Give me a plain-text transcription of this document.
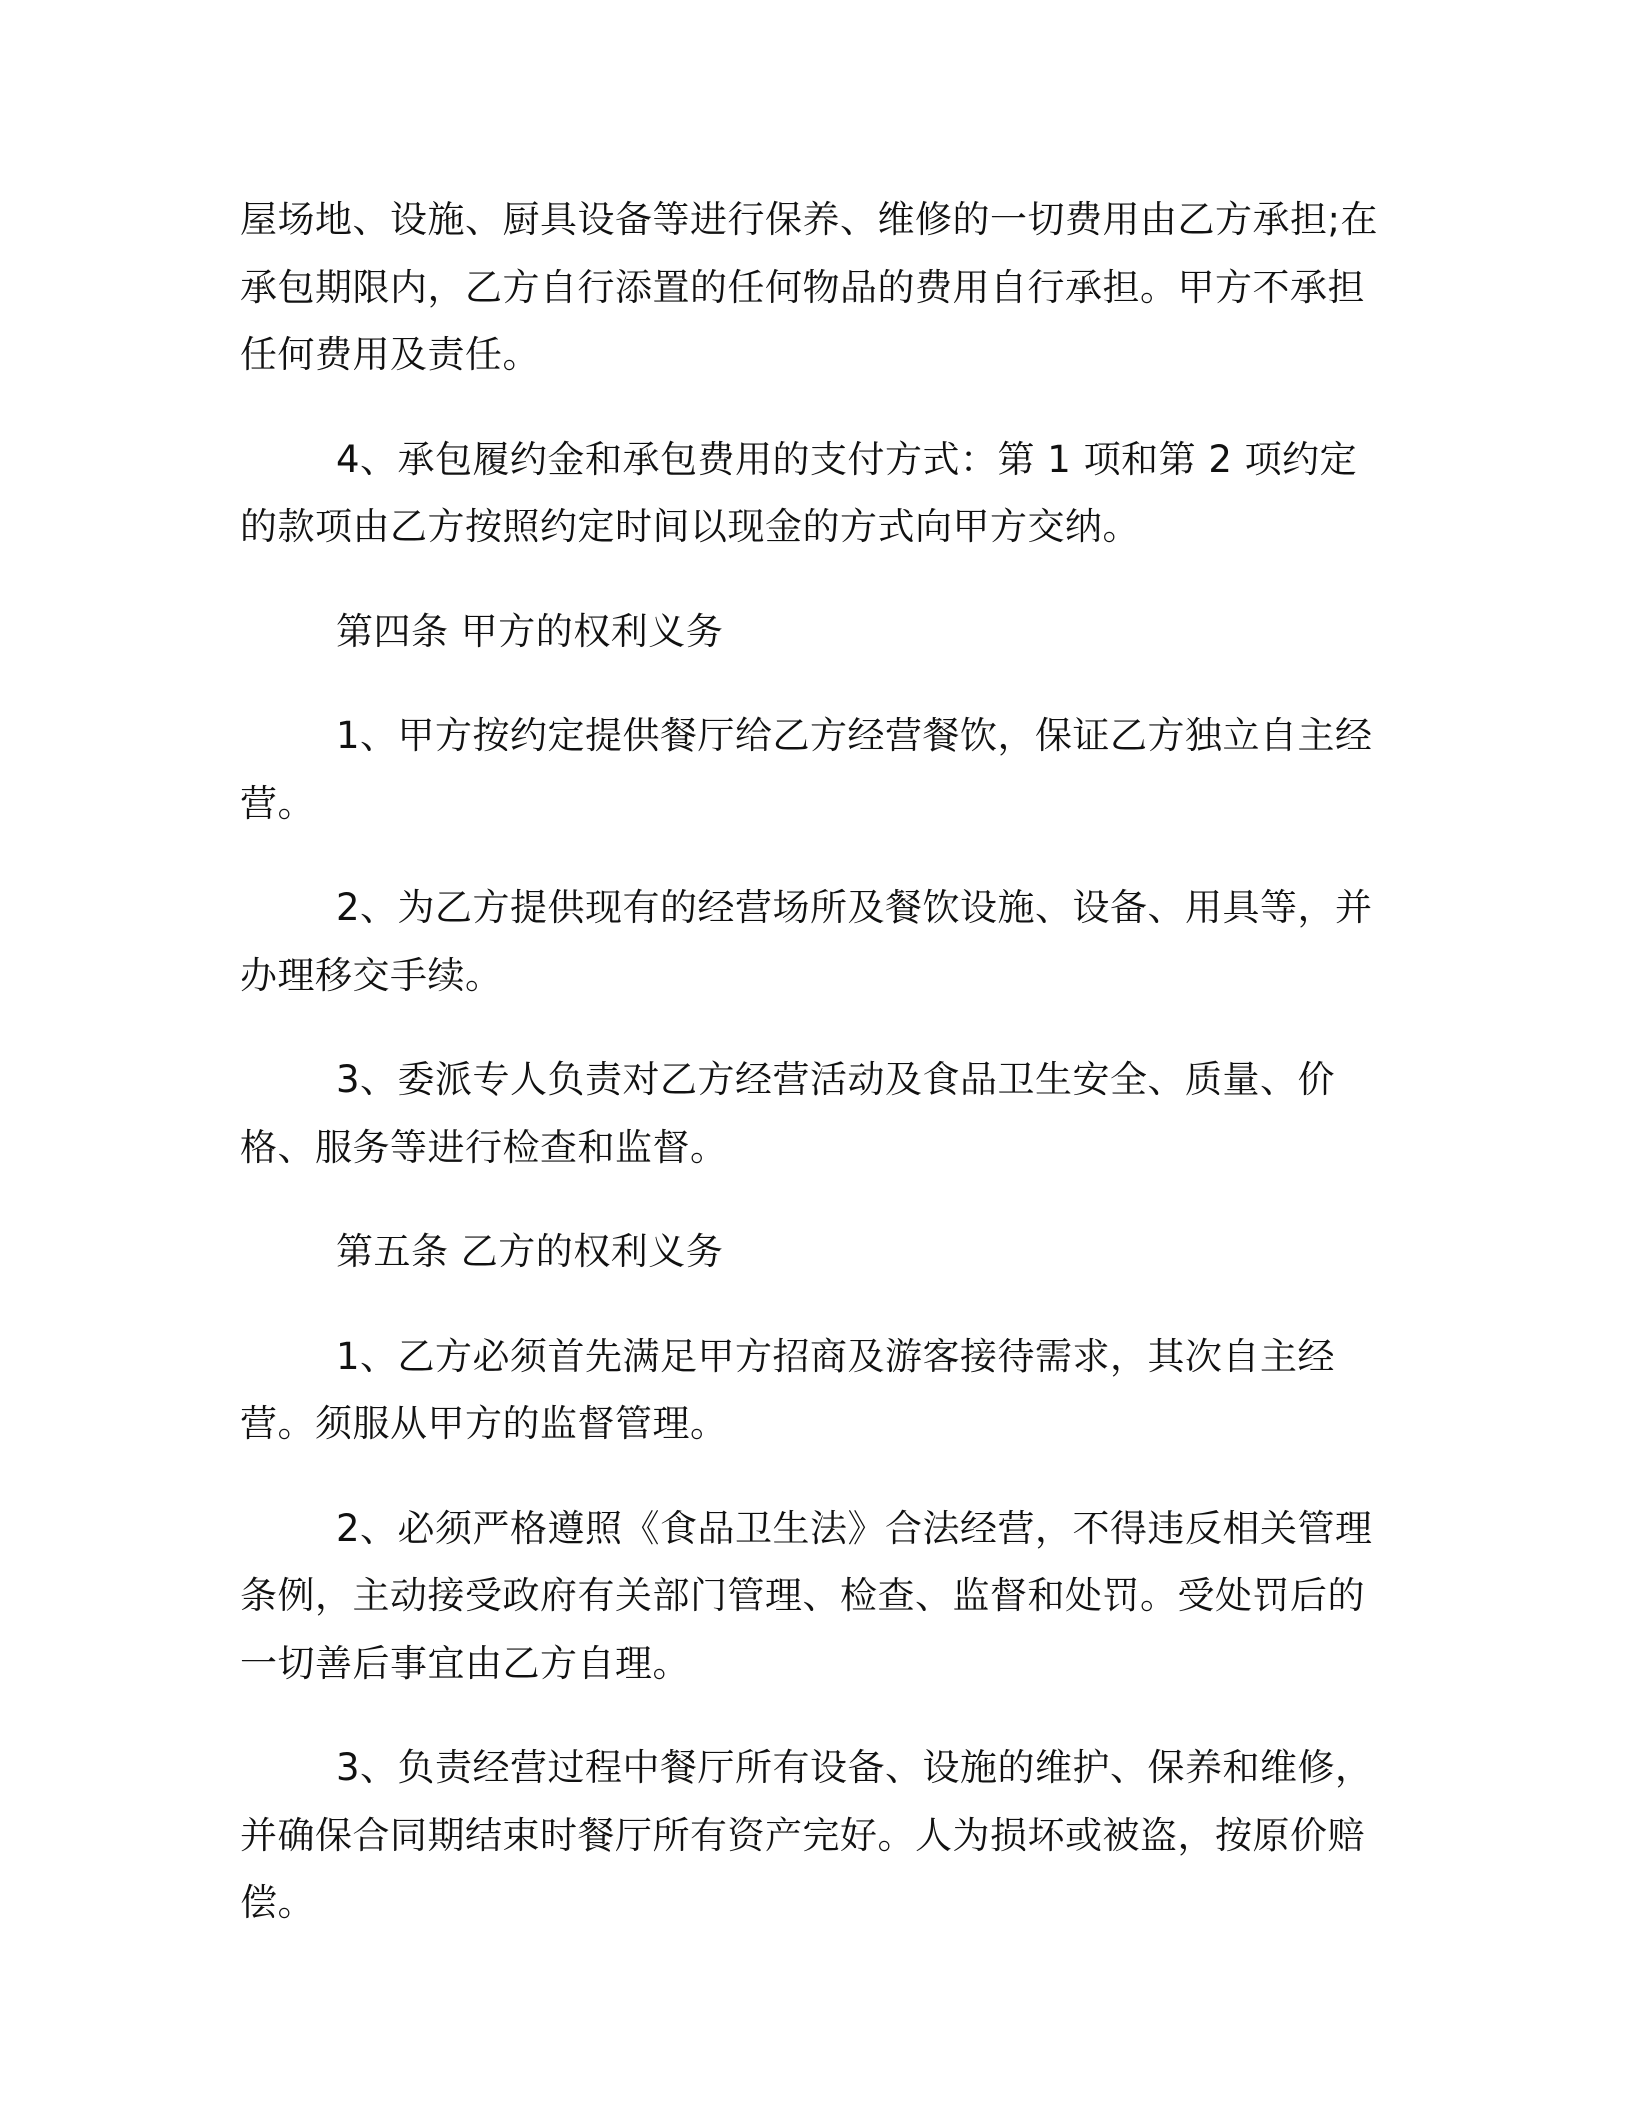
屋场地、设施、厨具设备等进行保养、维修的一切费用由乙方承担;在承包期限内，乙方自行添置的任何物品的费用自行承担。甲方不承担任何费用及责任。

4、承包履约金和承包费用的支付方式：第 1 项和第 2 项约定的款项由乙方按照约定时间以现金的方式向甲方交纳。

第四条 甲方的权利义务

1、甲方按约定提供餐厅给乙方经营餐饮，保证乙方独立自主经营。

2、为乙方提供现有的经营场所及餐饮设施、设备、用具等，并办理移交手续。

3、委派专人负责对乙方经营活动及食品卫生安全、质量、价格、服务等进行检查和监督。

第五条 乙方的权利义务

1、乙方必须首先满足甲方招商及游客接待需求，其次自主经营。须服从甲方的监督管理。

2、必须严格遵照《食品卫生法》合法经营，不得违反相关管理条例，主动接受政府有关部门管理、检查、监督和处罚。受处罚后的一切善后事宜由乙方自理。

3、负责经营过程中餐厅所有设备、设施的维护、保养和维修，并确保合同期结束时餐厅所有资产完好。人为损坏或被盗，按原价赔偿。
